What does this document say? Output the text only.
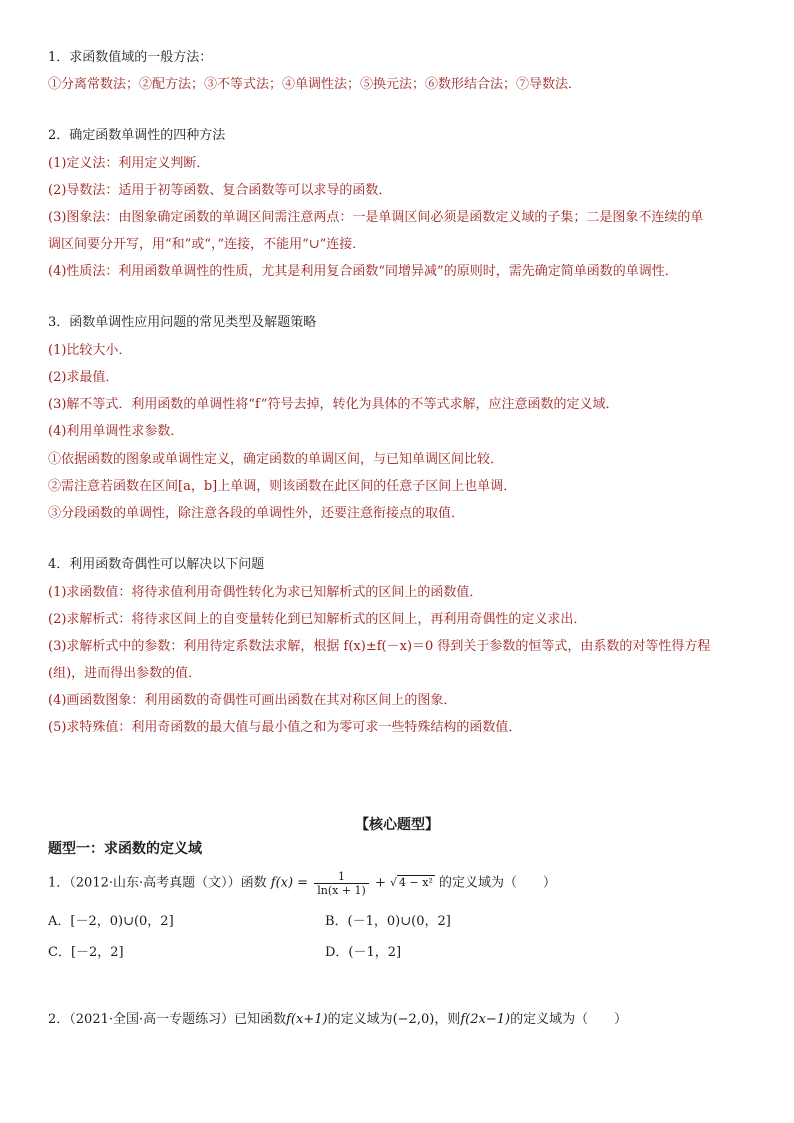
1．求函数值域的一般方法：
①分离常数法；②配方法；③不等式法；④单调性法；⑤换元法；⑥数形结合法；⑦导数法．
2．确定函数单调性的四种方法
(1)定义法：利用定义判断．
(2)导数法：适用于初等函数、复合函数等可以求导的函数．
(3)图象法：由图象确定函数的单调区间需注意两点：一是单调区间必须是函数定义域的子集；二是图象不连续的单
调区间要分开写，用“和”或“，”连接，不能用“∪”连接．
(4)性质法：利用函数单调性的性质，尤其是利用复合函数“同增异减”的原则时，需先确定简单函数的单调性．
3．函数单调性应用问题的常见类型及解题策略
(1)比较大小．
(2)求最值．
(3)解不等式．利用函数的单调性将“f”符号去掉，转化为具体的不等式求解，应注意函数的定义域．
(4)利用单调性求参数．
①依据函数的图象或单调性定义，确定函数的单调区间，与已知单调区间比较．
②需注意若函数在区间[a，b]上单调，则该函数在此区间的任意子区间上也单调．
③分段函数的单调性，除注意各段的单调性外，还要注意衔接点的取值．
4．利用函数奇偶性可以解决以下问题
(1)求函数值：将待求值利用奇偶性转化为求已知解析式的区间上的函数值．
(2)求解析式：将待求区间上的自变量转化到已知解析式的区间上，再利用奇偶性的定义求出．
(3)求解析式中的参数：利用待定系数法求解，根据 f(x)±f(－x)＝0 得到关于参数的恒等式，由系数的对等性得方程
(组)，进而得出参数的值．
(4)画函数图象：利用函数的奇偶性可画出函数在其对称区间上的图象．
(5)求特殊值：利用奇函数的最大值与最小值之和为零可求一些特殊结构的函数值．
【核心题型】
题型一：求函数的定义域
1．（2012·山东·高考真题（文））函数 $f(x) = \frac{1}{\ln(x + 1)}$ + √ 4 − x² 的定义域为（　　）
A．[－2，0)∪(0，2]	B．(－1，0)∪(0，2]
C．[－2，2]	D．(－1，2]
2．（2021·全国·高一专题练习）已知函数f(x+1)的定义域为(−2,0)，则f(2x−1)的定义域为（　　）
